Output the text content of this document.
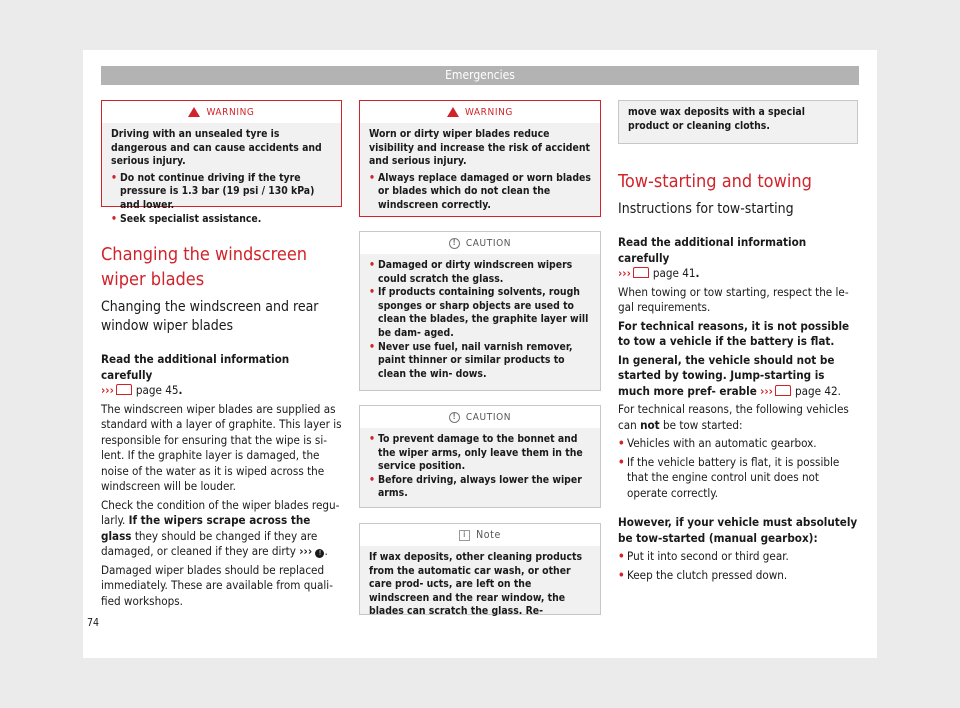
Emergencies
WARNING

Driving with an unsealed tyre is dangerous and can cause accidents and serious injury.

• Do not continue driving if the tyre pressure is 1.3 bar (19 psi / 130 kPa) and lower.
• Seek specialist assistance.
Changing the windscreen wiper blades
Changing the windscreen and rear window wiper blades

Read the additional information carefully
››› page 45.

The windscreen wiper blades are supplied as standard with a layer of graphite. This layer is responsible for ensuring that the wipe is si- lent. If the graphite layer is damaged, the noise of the water as it is wiped across the windscreen will be louder.

Check the condition of the wiper blades regu- larly. If the wipers scrape across the glass they should be changed if they are damaged, or cleaned if they are dirty ››› ! .

Damaged wiper blades should be replaced immediately. These are available from quali- fied workshops.

WARNING

Worn or dirty wiper blades reduce visibility and increase the risk of accident and serious injury.

• Always replace damaged or worn blades or blades which do not clean the windscreen correctly.
! CAUTION
• Damaged or dirty windscreen wipers could scratch the glass.
• If products containing solvents, rough sponges or sharp objects are used to clean the blades, the graphite layer will be dam- aged.
• Never use fuel, nail varnish remover, paint thinner or similar products to clean the win- dows.
! CAUTION
• To prevent damage to the bonnet and the wiper arms, only leave them in the service position.
• Before driving, always lower the wiper arms.
i Note

If wax deposits, other cleaning products from the automatic car wash, or other care prod- ucts, are left on the windscreen and the rear window, the blades can scratch the glass. Re-

move wax deposits with a special product or cleaning cloths.

Tow-starting and towing
Instructions for tow-starting

Read the additional information carefully
››› page 41.

When towing or tow starting, respect the le- gal requirements.

For technical reasons, it is not possible to tow a vehicle if the battery is flat.

In general, the vehicle should not be started by towing. Jump-starting is much more pref- erable ››› page 42.

For technical reasons, the following vehicles can not be tow started:

• Vehicles with an automatic gearbox.
• If the vehicle battery is flat, it is possible that the engine control unit does not operate correctly.

However, if your vehicle must absolutely be tow-started (manual gearbox):

• Put it into second or third gear.
• Keep the clutch pressed down.
74
